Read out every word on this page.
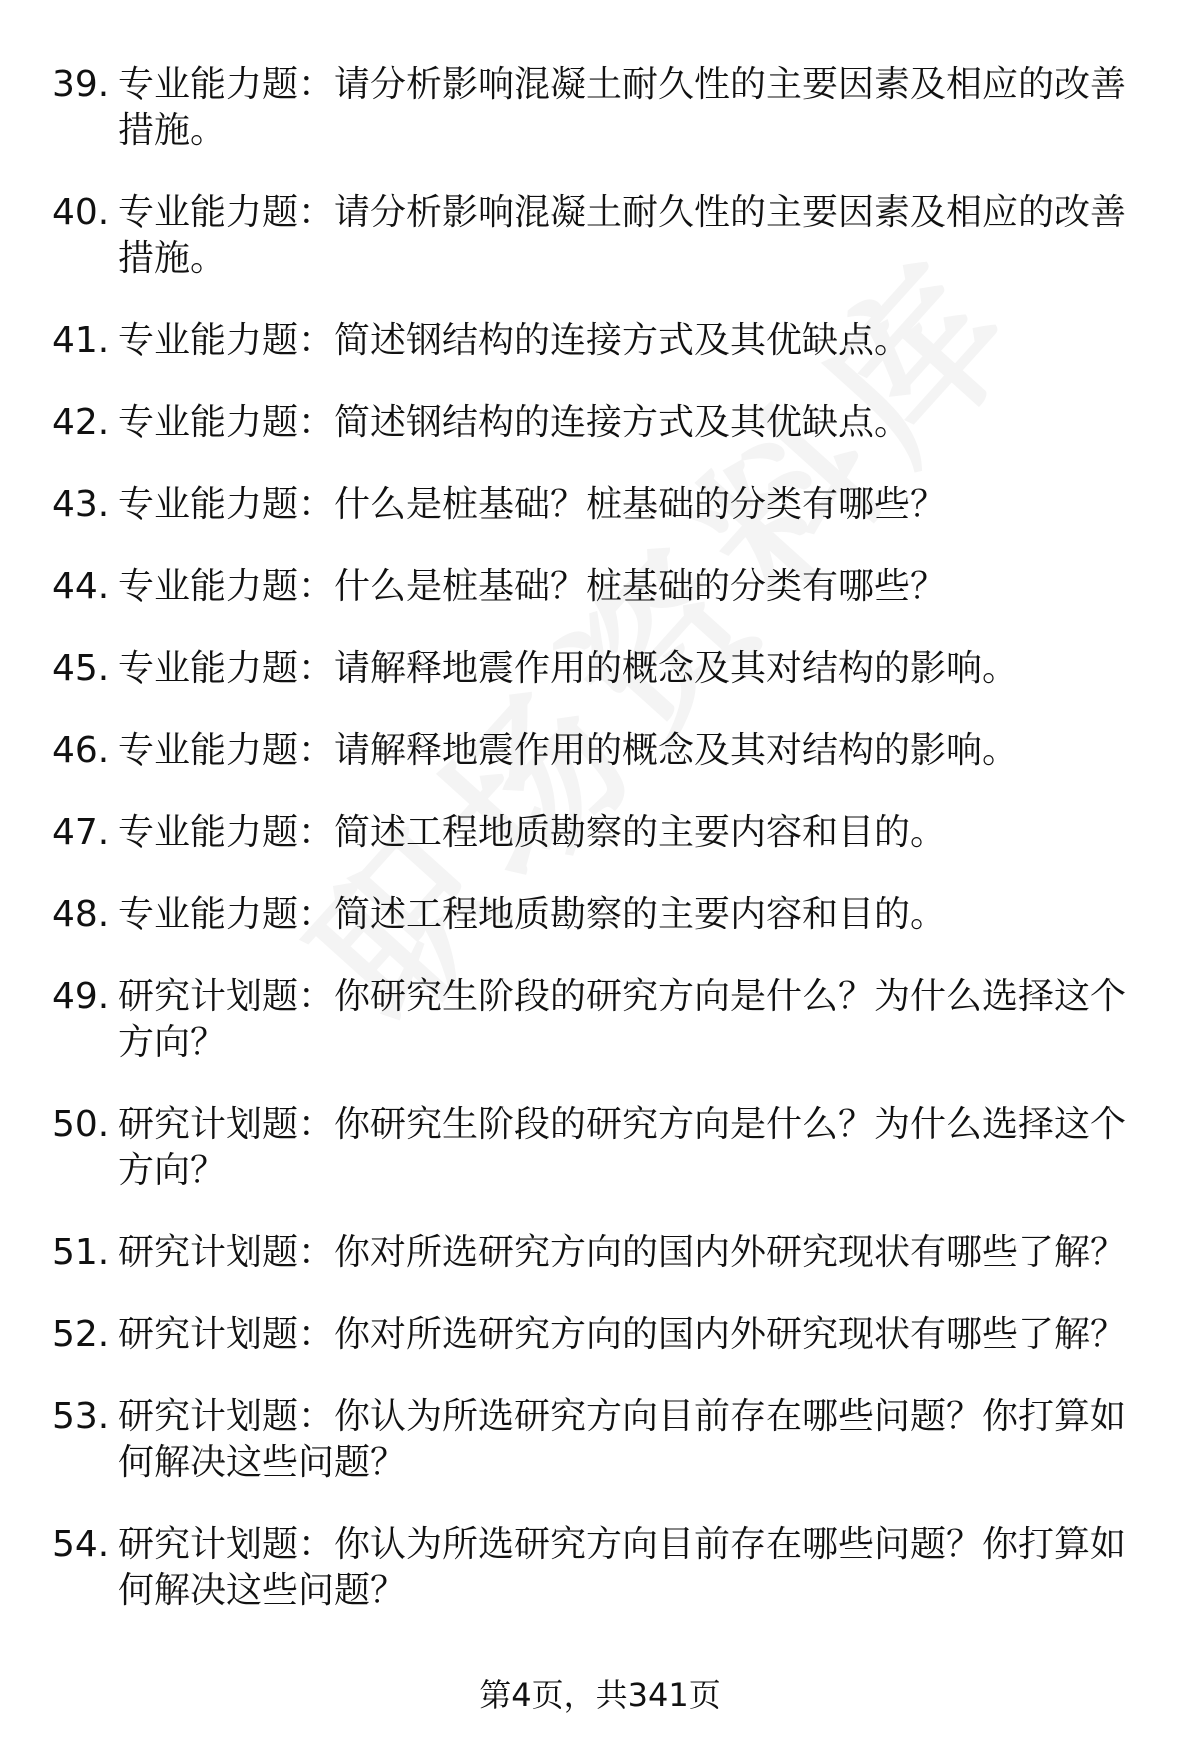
39. 专业能力题：请分析影响混凝土耐久性的主要因素及相应的改善措施。
40. 专业能力题：请分析影响混凝土耐久性的主要因素及相应的改善措施。
41. 专业能力题：简述钢结构的连接方式及其优缺点。
42. 专业能力题：简述钢结构的连接方式及其优缺点。
43. 专业能力题：什么是桩基础？桩基础的分类有哪些？
44. 专业能力题：什么是桩基础？桩基础的分类有哪些？
45. 专业能力题：请解释地震作用的概念及其对结构的影响。
46. 专业能力题：请解释地震作用的概念及其对结构的影响。
47. 专业能力题：简述工程地质勘察的主要内容和目的。
48. 专业能力题：简述工程地质勘察的主要内容和目的。
49. 研究计划题：你研究生阶段的研究方向是什么？为什么选择这个方向？
50. 研究计划题：你研究生阶段的研究方向是什么？为什么选择这个方向？
51. 研究计划题：你对所选研究方向的国内外研究现状有哪些了解？
52. 研究计划题：你对所选研究方向的国内外研究现状有哪些了解？
53. 研究计划题：你认为所选研究方向目前存在哪些问题？你打算如何解决这些问题？
54. 研究计划题：你认为所选研究方向目前存在哪些问题？你打算如何解决这些问题？
第4页，共341页
